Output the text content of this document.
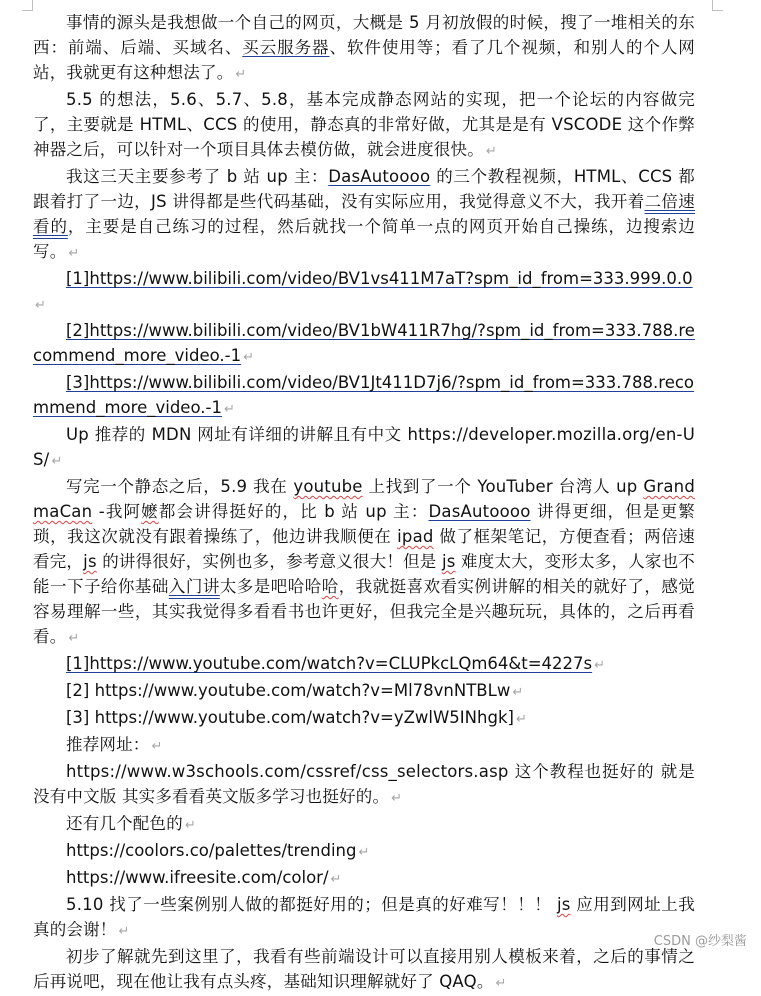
事情的源头是我想做一个自己的网页，大概是 5 月初放假的时候，搜了一堆相关的东西：前端、后端、买域名、买云服务器、软件使用等；看了几个视频，和别人的个人网站，我就更有这种想法了。 ↵

5.5 的想法，5.6、5.7、5.8，基本完成静态网站的实现，把一个论坛的内容做完了，主要就是 HTML、CCS 的使用，静态真的非常好做，尤其是是有 VSCODE 这个作弊神器之后，可以针对一个项目具体去模仿做，就会进度很快。 ↵

我这三天主要参考了 b 站 up 主：DasAutoooo 的三个教程视频，HTML、CCS 都跟着打了一边，JS 讲得都是些代码基础，没有实际应用，我觉得意义不大，我开着二倍速看的，主要是自己练习的过程，然后就找一个简单一点的网页开始自己操练，边搜索边写。 ↵

[1]https://www.bilibili.com/video/BV1vs411M7aT?spm_id_from=333.999.0.0↵

[2]https://www.bilibili.com/video/BV1bW411R7hg/?spm_id_from=333.788.recommend_more_video.-1 ↵

[3]https://www.bilibili.com/video/BV1Jt411D7j6/?spm_id_from=333.788.recommend_more_video.-1 ↵

Up 推荐的 MDN 网址有详细的讲解且有中文 https://developer.mozilla.org/en-US/ ↵

写完一个静态之后，5.9 我在 youtube 上找到了一个 YouTuber 台湾人 up GrandmaCan -我阿嬷都会讲得挺好的，比 b 站 up 主：DasAutoooo 讲得更细，但是更繁琐，我这次就没有跟着操练了，他边讲我顺便在 ipad 做了框架笔记，方便查看；两倍速看完，js 的讲得很好，实例也多，参考意义很大！但是 js 难度太大，变形太多，人家也不能一下子给你基础入门讲太多是吧哈哈哈，我就挺喜欢看实例讲解的相关的就好了，感觉容易理解一些，其实我觉得多看看书也许更好，但我完全是兴趣玩玩，具体的，之后再看看。 ↵

[1]https://www.youtube.com/watch?v=CLUPkcLQm64&t=4227s ↵

[2] https://www.youtube.com/watch?v=Ml78vnNTBLw ↵

[3] https://www.youtube.com/watch?v=yZwlW5INhgk] ↵

推荐网址： ↵

https://www.w3schools.com/cssref/css_selectors.asp 这个教程也挺好的 就是没有中文版 其实多看看英文版多学习也挺好的。 ↵

还有几个配色的 ↵

https://coolors.co/palettes/trending ↵

https://www.ifreesite.com/color/ ↵

5.10 找了一些案例别人做的都挺好用的；但是真的好难写！！！ js 应用到网址上我真的会谢！ ↵

初步了解就先到这里了，我看有些前端设计可以直接用别人模板来着，之后的事情之后再说吧，现在他让我有点头疼，基础知识理解就好了 QAQ。 ↵

CSDN @纱梨酱
